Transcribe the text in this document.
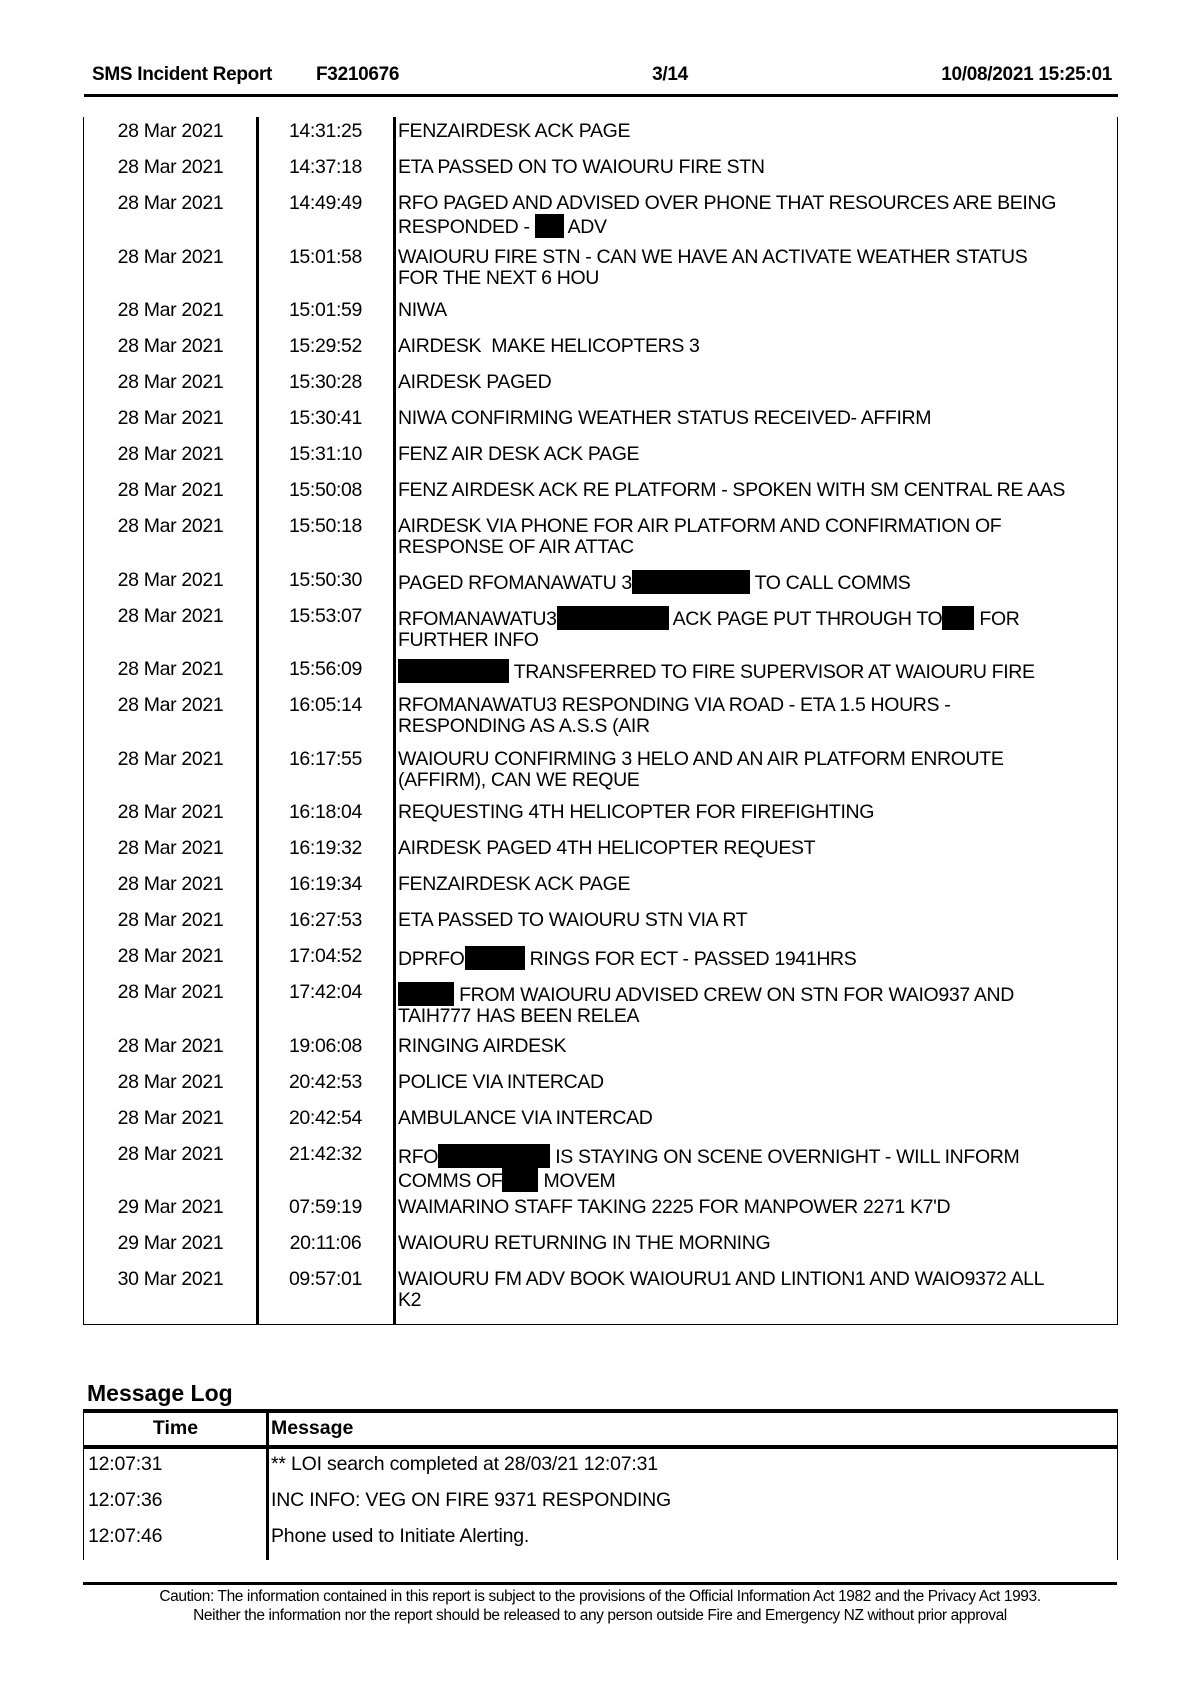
SMS Incident Report F3210676	3/14	10/08/2021 15:25:01
28 Mar 2021	14:31:25	FENZAIRDESK ACK PAGE
28 Mar 2021	14:37:18	ETA PASSED ON TO WAIOURU FIRE STN
28 Mar 2021	14:49:49	RFO PAGED AND ADVISED OVER PHONE THAT RESOURCES ARE BEING
RESPONDED -  ADV
28 Mar 2021	15:01:58	WAIOURU FIRE STN - CAN WE HAVE AN ACTIVATE WEATHER STATUS
FOR THE NEXT 6 HOU
28 Mar 2021	15:01:59	NIWA
28 Mar 2021	15:29:52	AIRDESK  MAKE HELICOPTERS 3
28 Mar 2021	15:30:28	AIRDESK PAGED
28 Mar 2021	15:30:41	NIWA CONFIRMING WEATHER STATUS RECEIVED- AFFIRM
28 Mar 2021	15:31:10	FENZ AIR DESK ACK PAGE
28 Mar 2021	15:50:08	FENZ AIRDESK ACK RE PLATFORM - SPOKEN WITH SM CENTRAL RE AAS
28 Mar 2021	15:50:18	AIRDESK VIA PHONE FOR AIR PLATFORM AND CONFIRMATION OF
RESPONSE OF AIR ATTAC
28 Mar 2021	15:50:30	PAGED RFOMANAWATU 3	TO CALL COMMS
28 Mar 2021	15:53:07	RFOMANAWATU3	ACK PAGE PUT THROUGH TO FOR
FURTHER INFO
28 Mar 2021	15:56:09	TRANSFERRED TO FIRE SUPERVISOR AT WAIOURU FIRE
28 Mar 2021	16:05:14	RFOMANAWATU3 RESPONDING VIA ROAD - ETA 1.5 HOURS -
RESPONDING AS A.S.S (AIR
28 Mar 2021	16:17:55	WAIOURU CONFIRMING 3 HELO AND AN AIR PLATFORM ENROUTE
(AFFIRM), CAN WE REQUE
28 Mar 2021	16:18:04	REQUESTING 4TH HELICOPTER FOR FIREFIGHTING
28 Mar 2021	16:19:32	AIRDESK PAGED 4TH HELICOPTER REQUEST
28 Mar 2021	16:19:34	FENZAIRDESK ACK PAGE
28 Mar 2021	16:27:53	ETA PASSED TO WAIOURU STN VIA RT
28 Mar 2021	17:04:52	DPRFO	RINGS FOR ECT - PASSED 1941HRS
28 Mar 2021	17:42:04	FROM WAIOURU ADVISED CREW ON STN FOR WAIO937 AND
TAIH777 HAS BEEN RELEA
28 Mar 2021	19:06:08	RINGING AIRDESK
28 Mar 2021	20:42:53	POLICE VIA INTERCAD
28 Mar 2021	20:42:54	AMBULANCE VIA INTERCAD
28 Mar 2021	21:42:32	RFO	IS STAYING ON SCENE OVERNIGHT - WILL INFORM
COMMS OF MOVEM
29 Mar 2021	07:59:19	WAIMARINO STAFF TAKING 2225 FOR MANPOWER 2271 K7'D
29 Mar 2021	20:11:06	WAIOURU RETURNING IN THE MORNING
30 Mar 2021	09:57:01	WAIOURU FM ADV BOOK WAIOURU1 AND LINTION1 AND WAIO9372 ALL
K2
Message Log
Time	Message
12:07:31	** LOI search completed at 28/03/21 12:07:31
12:07:36	INC INFO: VEG ON FIRE 9371 RESPONDING
12:07:46	Phone used to Initiate Alerting.
Caution: The information contained in this report is subject to the provisions of the Official Information Act 1982 and the Privacy Act 1993.
Neither the information nor the report should be released to any person outside Fire and Emergency NZ without prior approval
